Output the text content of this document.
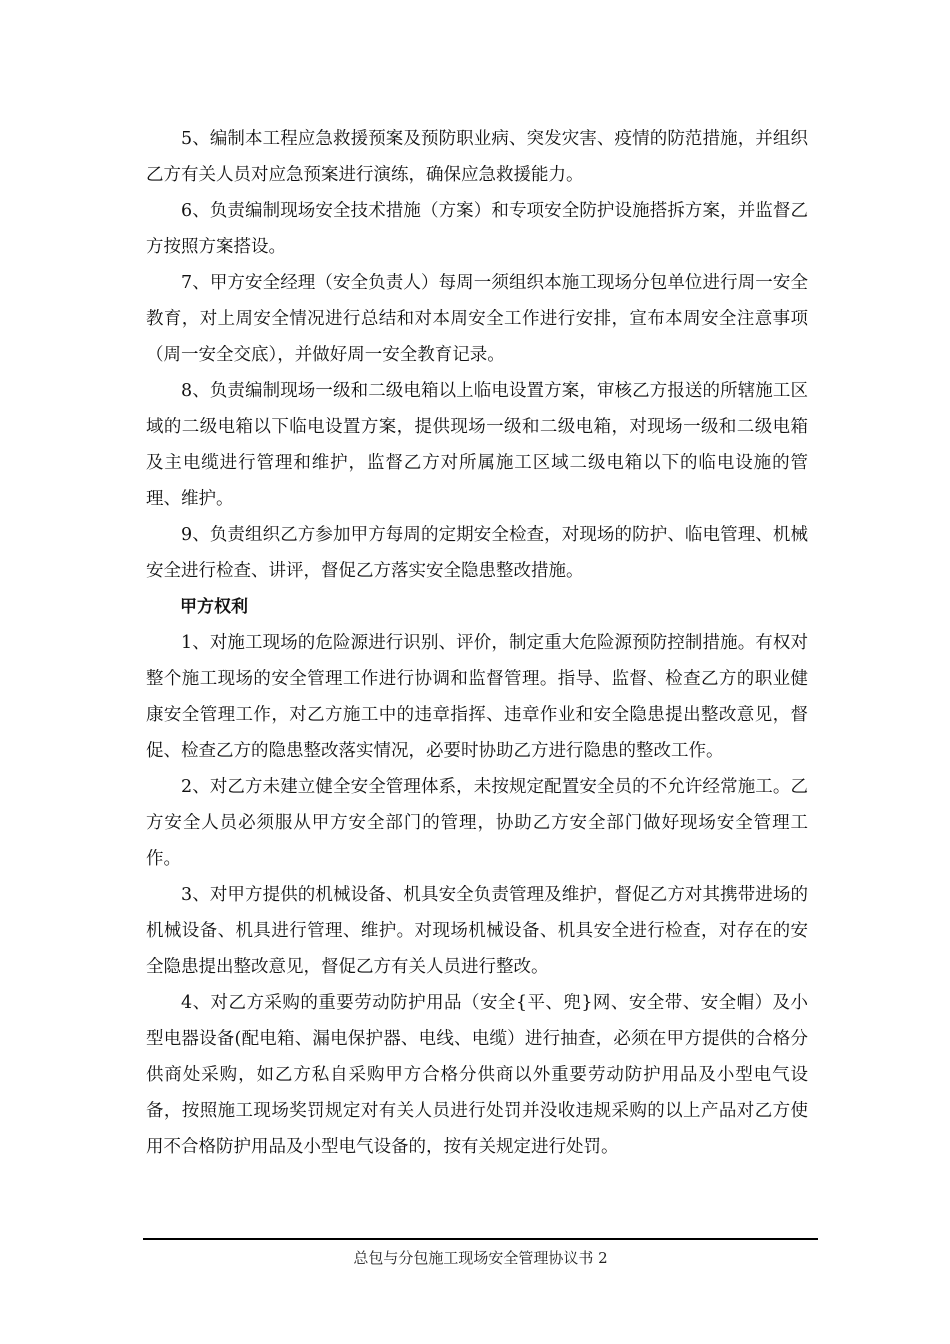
5、编制本工程应急救援预案及预防职业病、突发灾害、疫情的防范措施，并组织乙方有关人员对应急预案进行演练，确保应急救援能力。

6、负责编制现场安全技术措施（方案）和专项安全防护设施搭拆方案，并监督乙方按照方案搭设。

7、甲方安全经理（安全负责人）每周一须组织本施工现场分包单位进行周一安全教育，对上周安全情况进行总结和对本周安全工作进行安排，宣布本周安全注意事项（周一安全交底），并做好周一安全教育记录。

8、负责编制现场一级和二级电箱以上临电设置方案，审核乙方报送的所辖施工区域的二级电箱以下临电设置方案，提供现场一级和二级电箱，对现场一级和二级电箱及主电缆进行管理和维护，监督乙方对所属施工区域二级电箱以下的临电设施的管理、维护。

9、负责组织乙方参加甲方每周的定期安全检查，对现场的防护、临电管理、机械安全进行检查、讲评，督促乙方落实安全隐患整改措施。

甲方权利

1、对施工现场的危险源进行识别、评价，制定重大危险源预防控制措施。有权对整个施工现场的安全管理工作进行协调和监督管理。指导、监督、检查乙方的职业健康安全管理工作，对乙方施工中的违章指挥、违章作业和安全隐患提出整改意见，督促、检查乙方的隐患整改落实情况，必要时协助乙方进行隐患的整改工作。

2、对乙方未建立健全安全管理体系，未按规定配置安全员的不允许经常施工。乙方安全人员必须服从甲方安全部门的管理，协助乙方安全部门做好现场安全管理工作。

3、对甲方提供的机械设备、机具安全负责管理及维护，督促乙方对其携带进场的机械设备、机具进行管理、维护。对现场机械设备、机具安全进行检查，对存在的安全隐患提出整改意见，督促乙方有关人员进行整改。

4、对乙方采购的重要劳动防护用品（安全{平、兜}网、安全带、安全帽）及小型电器设备(配电箱、漏电保护器、电线、电缆）进行抽查，必须在甲方提供的合格分供商处采购，如乙方私自采购甲方合格分供商以外重要劳动防护用品及小型电气设备，按照施工现场奖罚规定对有关人员进行处罚并没收违规采购的以上产品对乙方使用不合格防护用品及小型电气设备的，按有关规定进行处罚。

总包与分包施工现场安全管理协议书 2
